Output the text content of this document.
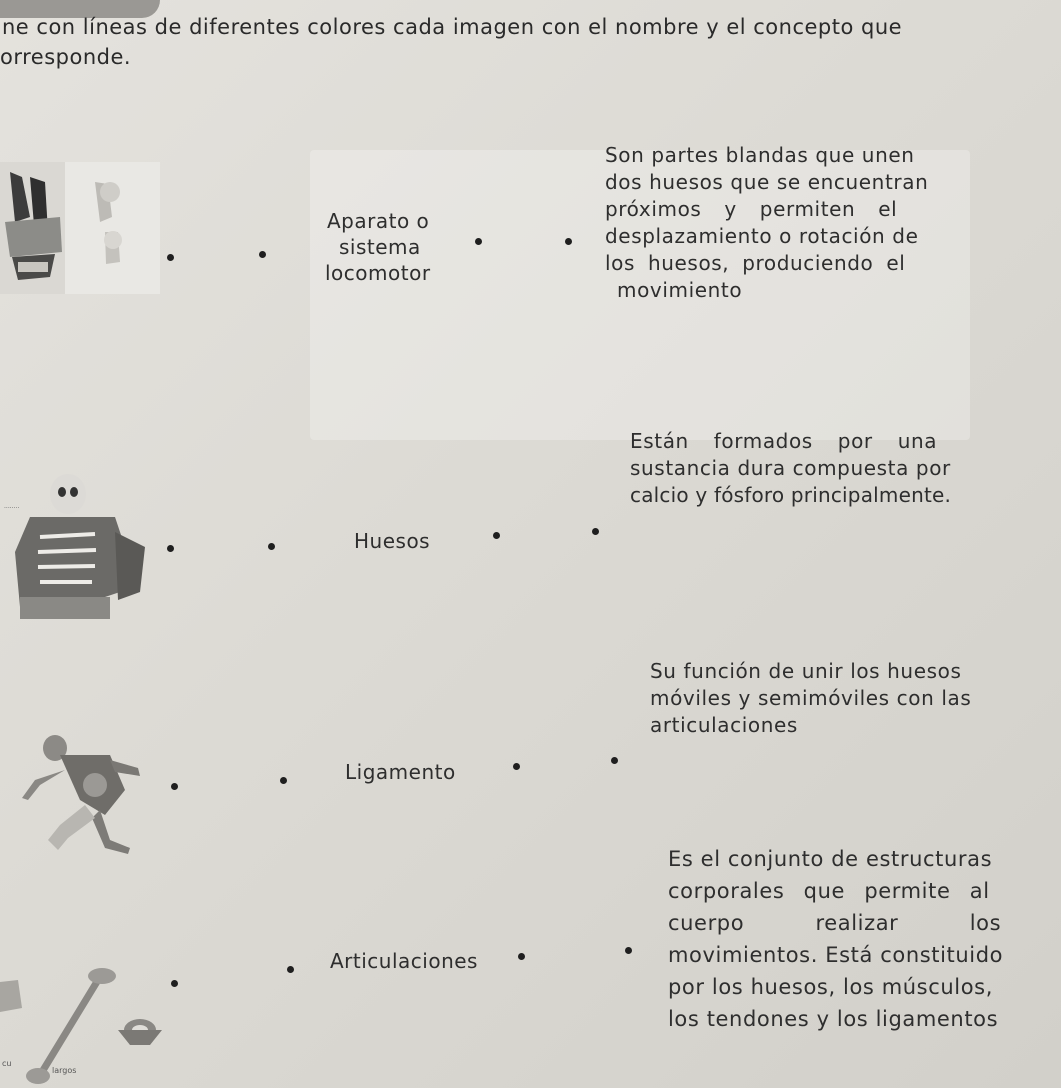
ne con líneas de diferentes colores cada imagen con el nombre y el concepto que
orresponde.
Aparato o
sistema
locomotor
Son partes blandas que unen
dos huesos que se encuentran
próximos y permiten el
desplazamiento o rotación de
los huesos, produciendo el
movimiento
········
Huesos
Están formados por una
sustancia dura compuesta por
calcio y fósforo principalmente.
Ligamento
Su función de unir los huesos
móviles y semimóviles con las
articulaciones
largos
cu
Articulaciones
Es el conjunto de estructuras
corporales que permite al
cuerpo realizar los
movimientos. Está constituido
por los huesos, los músculos,
los tendones y los ligamentos
